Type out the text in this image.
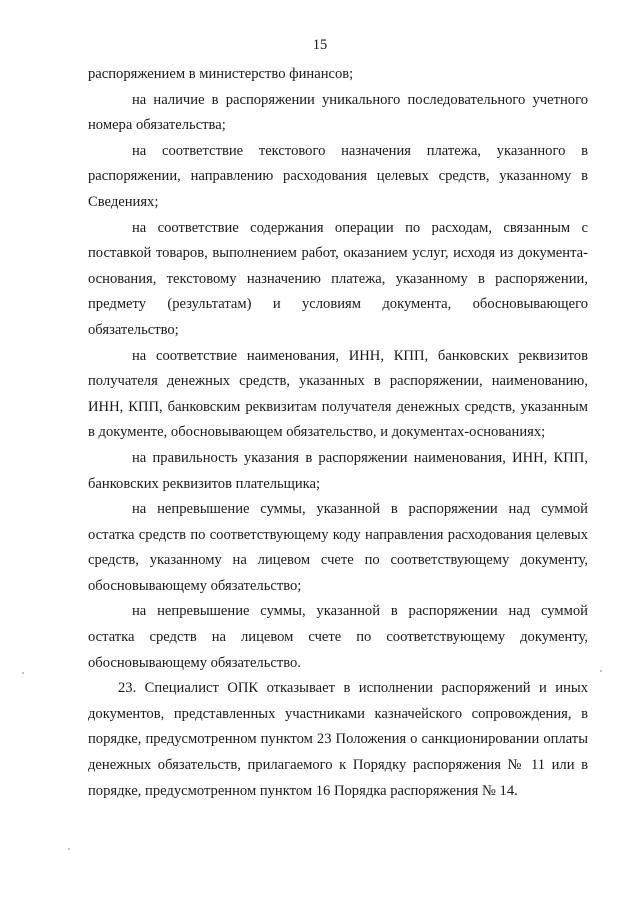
15

распоряжением в министерство финансов;

на наличие в распоряжении уникального последовательного учетного номера обязательства;

на соответствие текстового назначения платежа, указанного в распоряжении, направлению расходования целевых средств, указанному в Сведениях;

на соответствие содержания операции по расходам, связанным с поставкой товаров, выполнением работ, оказанием услуг, исходя из документа-основания, текстовому назначению платежа, указанному в распоряжении, предмету (результатам) и условиям документа, обосновывающего обязательство;

на соответствие наименования, ИНН, КПП, банковских реквизитов получателя денежных средств, указанных в распоряжении, наименованию, ИНН, КПП, банковским реквизитам получателя денежных средств, указанным в документе, обосновывающем обязательство, и документах-основаниях;

на правильность указания в распоряжении наименования, ИНН, КПП, банковских реквизитов плательщика;

на непревышение суммы, указанной в распоряжении над суммой остатка средств по соответствующему коду направления расходования целевых средств, указанному на лицевом счете по соответствующему документу, обосновывающему обязательство;

на непревышение суммы, указанной в распоряжении над суммой остатка средств на лицевом счете по соответствующему документу, обосновывающему обязательство.

23. Специалист ОПК отказывает в исполнении распоряжений и иных документов, представленных участниками казначейского сопровождения, в порядке, предусмотренном пунктом 23 Положения о санкционировании оплаты денежных обязательств, прилагаемого к Порядку распоряжения № 11 или в порядке, предусмотренном пунктом 16 Порядка распоряжения № 14.
